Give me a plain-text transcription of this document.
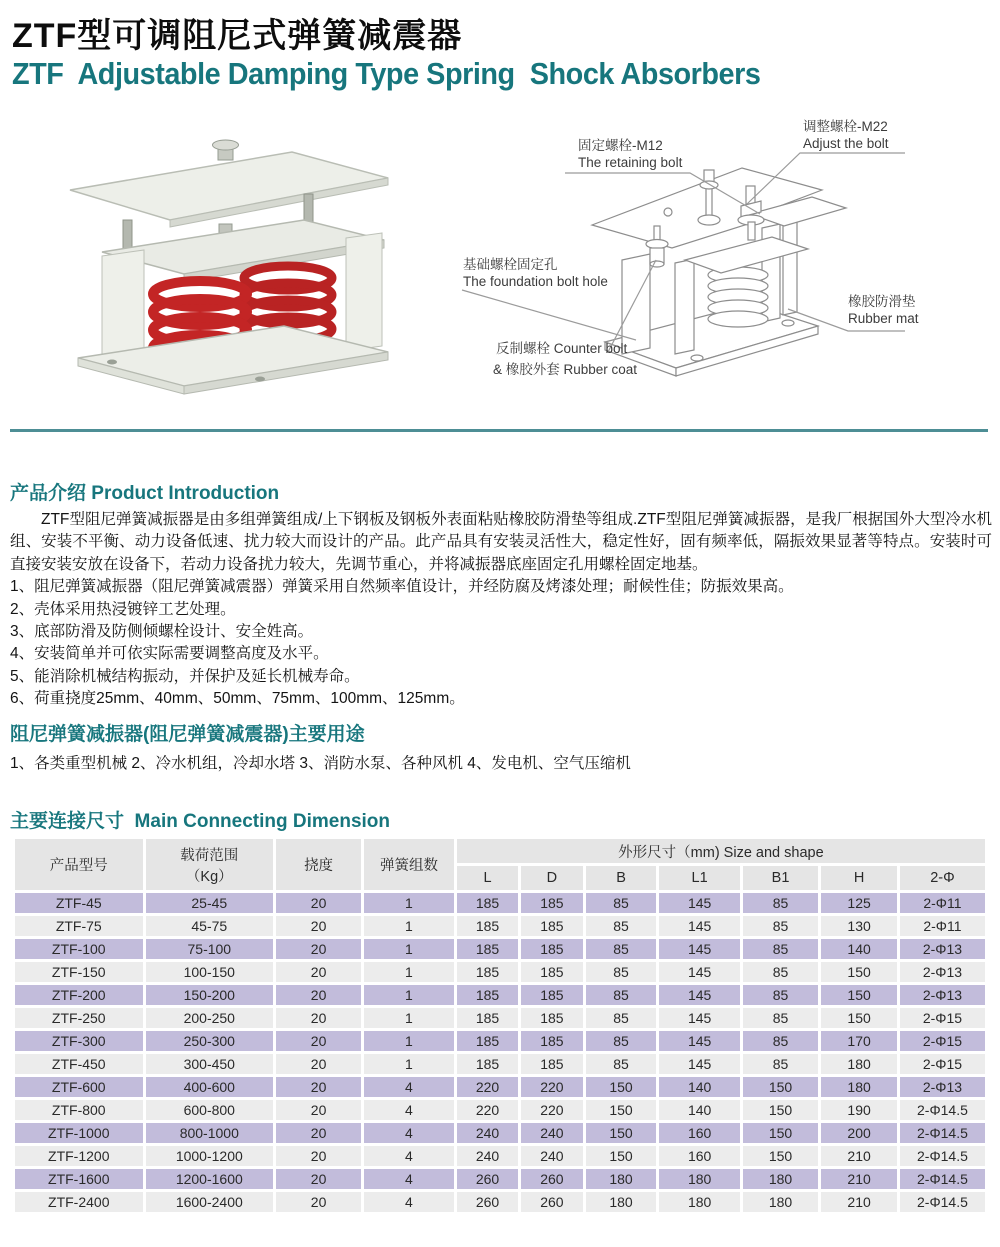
ZTF型可调阻尼式弹簧减震器
ZTF  Adjustable Damping Type Spring  Shock Absorbers
固定螺栓-M12
The retaining bolt
调整螺栓-M22
Adjust the bolt
基础螺栓固定孔
The foundation bolt hole
反制螺栓 Counter bolt
& 橡胶外套 Rubber coat
橡胶防滑垫
Rubber mat
产品介绍 Product Introduction
ZTF型阻尼弹簧减振器是由多组弹簧组成/上下钢板及钢板外表面粘贴橡胶防滑垫等组成.ZTF型阻尼弹簧减振器，是我厂根据国外大型冷水机组、安装不平衡、动力设备低速、扰力较大而设计的产品。此产品具有安装灵活性大，稳定性好，固有频率低，隔振效果显著等特点。安装时可直接安装安放在设备下，若动力设备扰力较大，先调节重心，并将减振器底座固定孔用螺栓固定地基。
1、阻尼弹簧减振器（阻尼弹簧减震器）弹簧采用自然频率值设计，并经防腐及烤漆处理；耐候性佳；防振效果高。
2、壳体采用热浸镀锌工艺处理。
3、底部防滑及防侧倾螺栓设计、安全姓高。
4、安装简单并可依实际需要调整高度及水平。
5、能消除机械结构振动，并保护及延长机械寿命。
6、荷重挠度25mm、40mm、50mm、75mm、100mm、125mm。
阻尼弹簧减振器(阻尼弹簧减震器)主要用途
1、各类重型机械 2、冷水机组，冷却水塔 3、消防水泵、各种风机 4、发电机、空气压缩机
主要连接尺寸  Main Connecting Dimension
产品型号	载荷范围
（Kg）	挠度	弹簧组数	外形尺寸（mm) Size and shape						
				L	D	B	L1	B1	H	2-Φ
ZTF-45	25-45	20	1	185	185	85	145	85	125	2-Φ11
ZTF-75	45-75	20	1	185	185	85	145	85	130	2-Φ11
ZTF-100	75-100	20	1	185	185	85	145	85	140	2-Φ13
ZTF-150	100-150	20	1	185	185	85	145	85	150	2-Φ13
ZTF-200	150-200	20	1	185	185	85	145	85	150	2-Φ13
ZTF-250	200-250	20	1	185	185	85	145	85	150	2-Φ15
ZTF-300	250-300	20	1	185	185	85	145	85	170	2-Φ15
ZTF-450	300-450	20	1	185	185	85	145	85	180	2-Φ15
ZTF-600	400-600	20	4	220	220	150	140	150	180	2-Φ13
ZTF-800	600-800	20	4	220	220	150	140	150	190	2-Φ14.5
ZTF-1000	800-1000	20	4	240	240	150	160	150	200	2-Φ14.5
ZTF-1200	1000-1200	20	4	240	240	150	160	150	210	2-Φ14.5
ZTF-1600	1200-1600	20	4	260	260	180	180	180	210	2-Φ14.5
ZTF-2400	1600-2400	20	4	260	260	180	180	180	210	2-Φ14.5
